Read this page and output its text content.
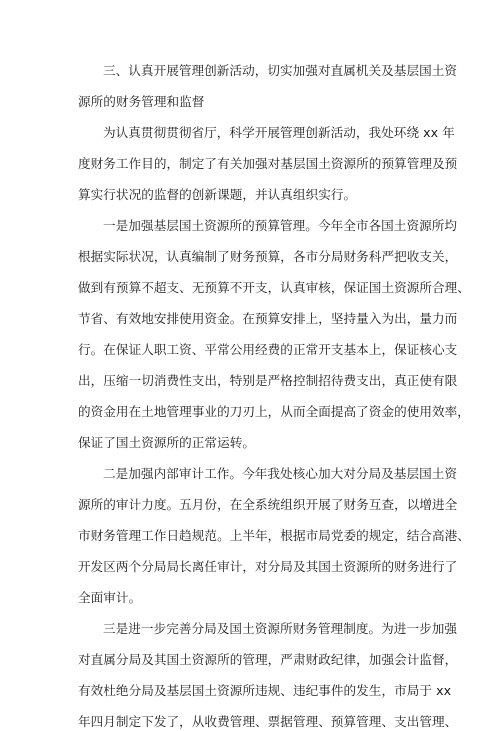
三、认真开展管理创新活动，切实加强对直属机关及基层国土资
源所的财务管理和监督
为认真贯彻贯彻省厅，科学开展管理创新活动，我处环绕 xx 年
度财务工作目的，制定了有关加强对基层国土资源所的预算管理及预
算实行状况的监督的创新课题，并认真组织实行。
一是加强基层国土资源所的预算管理。今年全市各国土资源所均
根据实际状况，认真编制了财务预算，各市分局财务科严把收支关，
做到有预算不超支、无预算不开支，认真审核，保证国土资源所合理、
节省、有效地安排使用资金。在预算安排上，坚持量入为出，量力而
行。在保证人职工资、平常公用经费的正常开支基本上，保证核心支
出，压缩一切消费性支出，特别是严格控制招待费支出，真正使有限
的资金用在土地管理事业的刀刃上，从而全面提高了资金的使用效率，
保证了国土资源所的正常运转。
二是加强内部审计工作。今年我处核心加大对分局及基层国土资
源所的审计力度。五月份，在全系统组织开展了财务互查，以增进全
市财务管理工作日趋规范。上半年，根据市局党委的规定，结合高港、
开发区两个分局局长离任审计，对分局及其国土资源所的财务进行了
全面审计。
三是进一步完善分局及国土资源所财务管理制度。为进一步加强
对直属分局及其国土资源所的管理，严肃财政纪律，加强会计监督，
有效杜绝分局及基层国土资源所违规、违纪事件的发生，市局于 xx
年四月制定下发了，从收费管理、票据管理、预算管理、支出管理、
